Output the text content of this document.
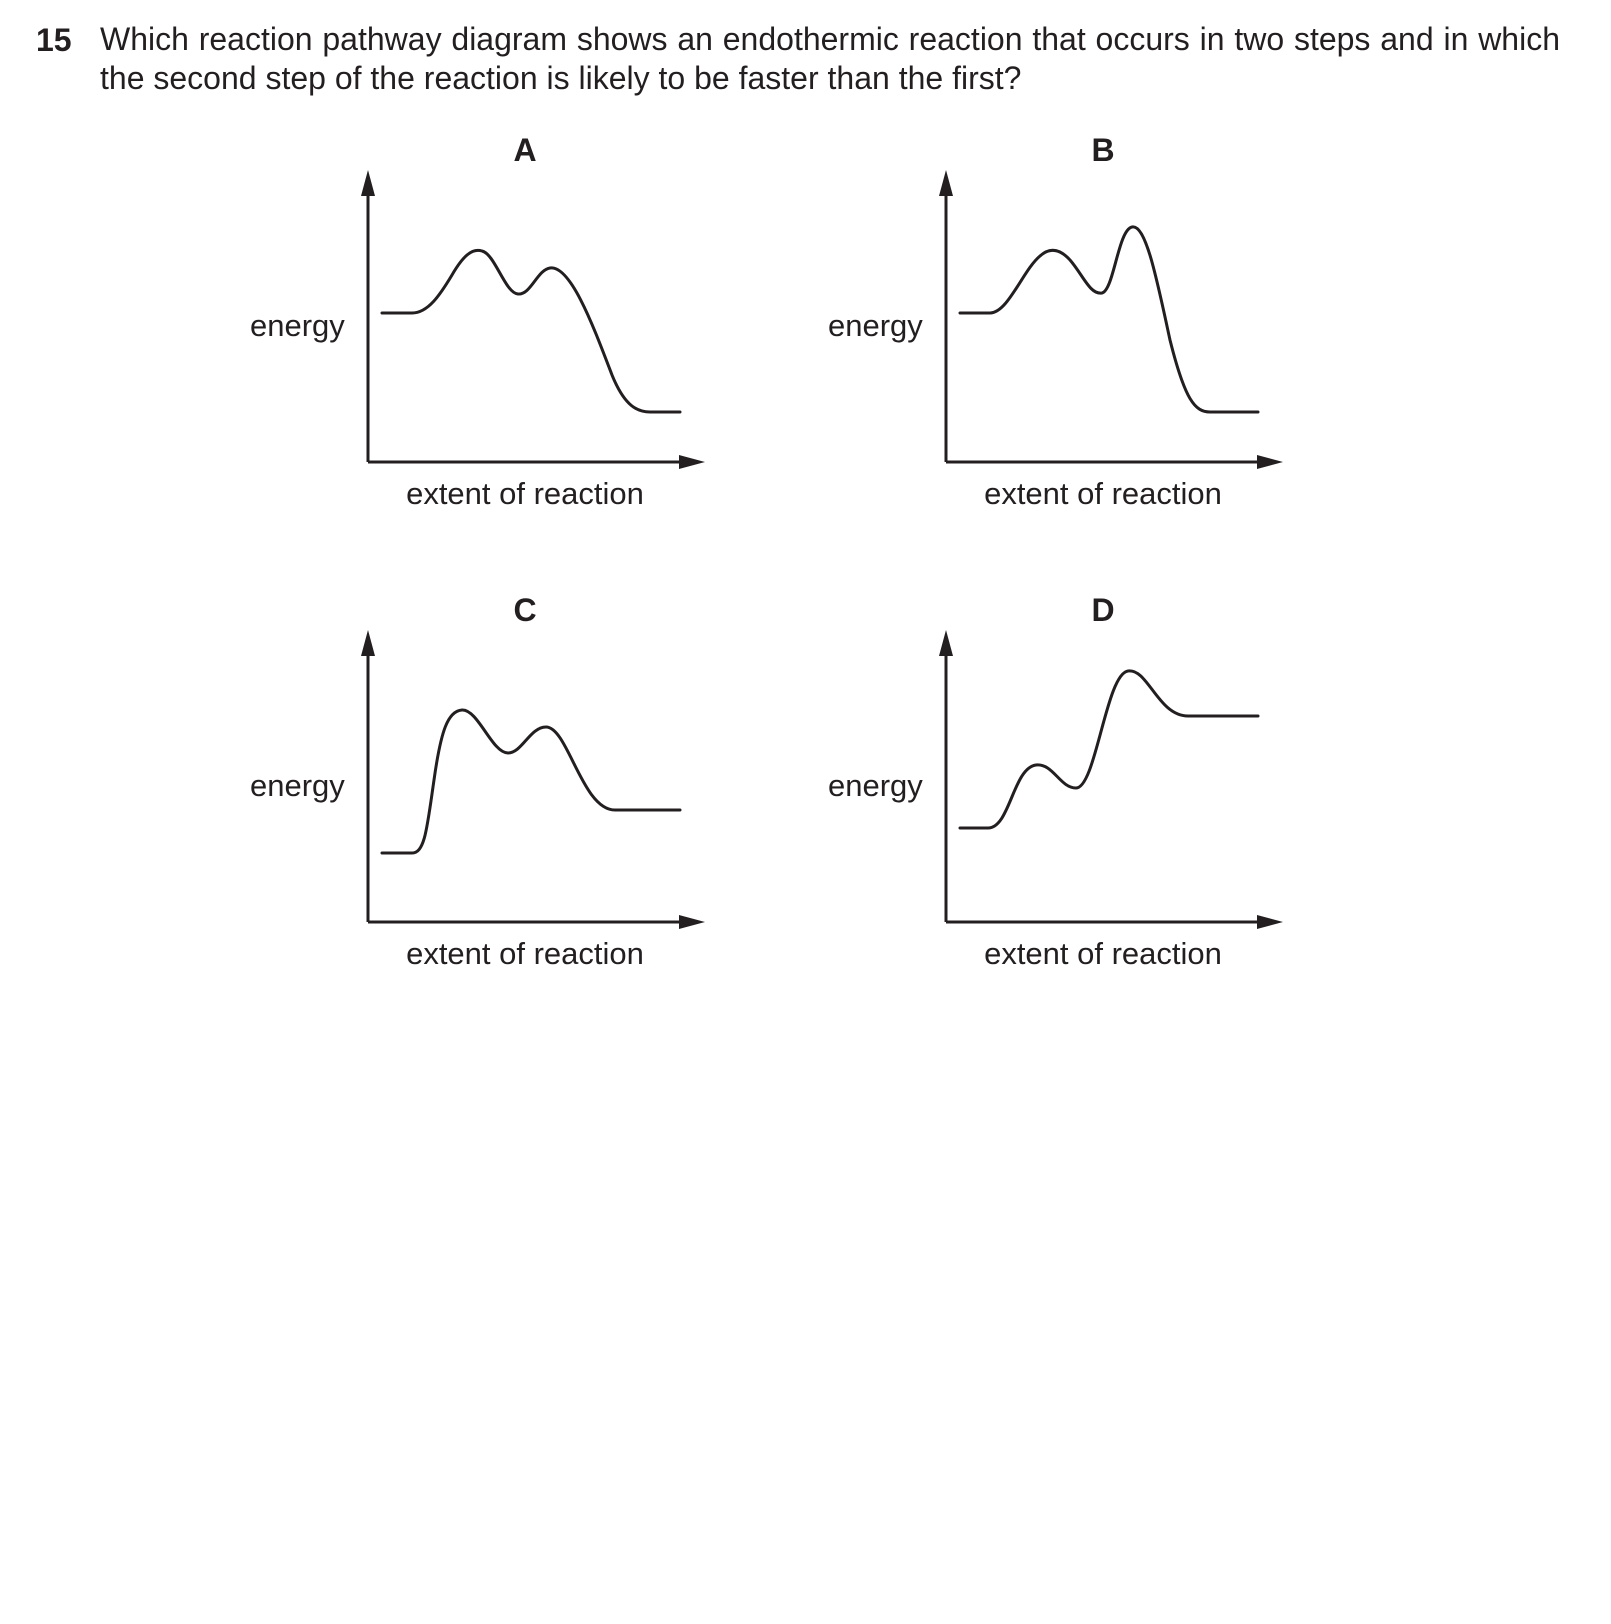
15 Which reaction pathway diagram shows an endothermic reaction that occurs in two steps and in which the second step of the reaction is likely to be faster than the first?
A
energy
extent of reaction
B
energy
extent of reaction
C
energy
extent of reaction
D
energy
extent of reaction
